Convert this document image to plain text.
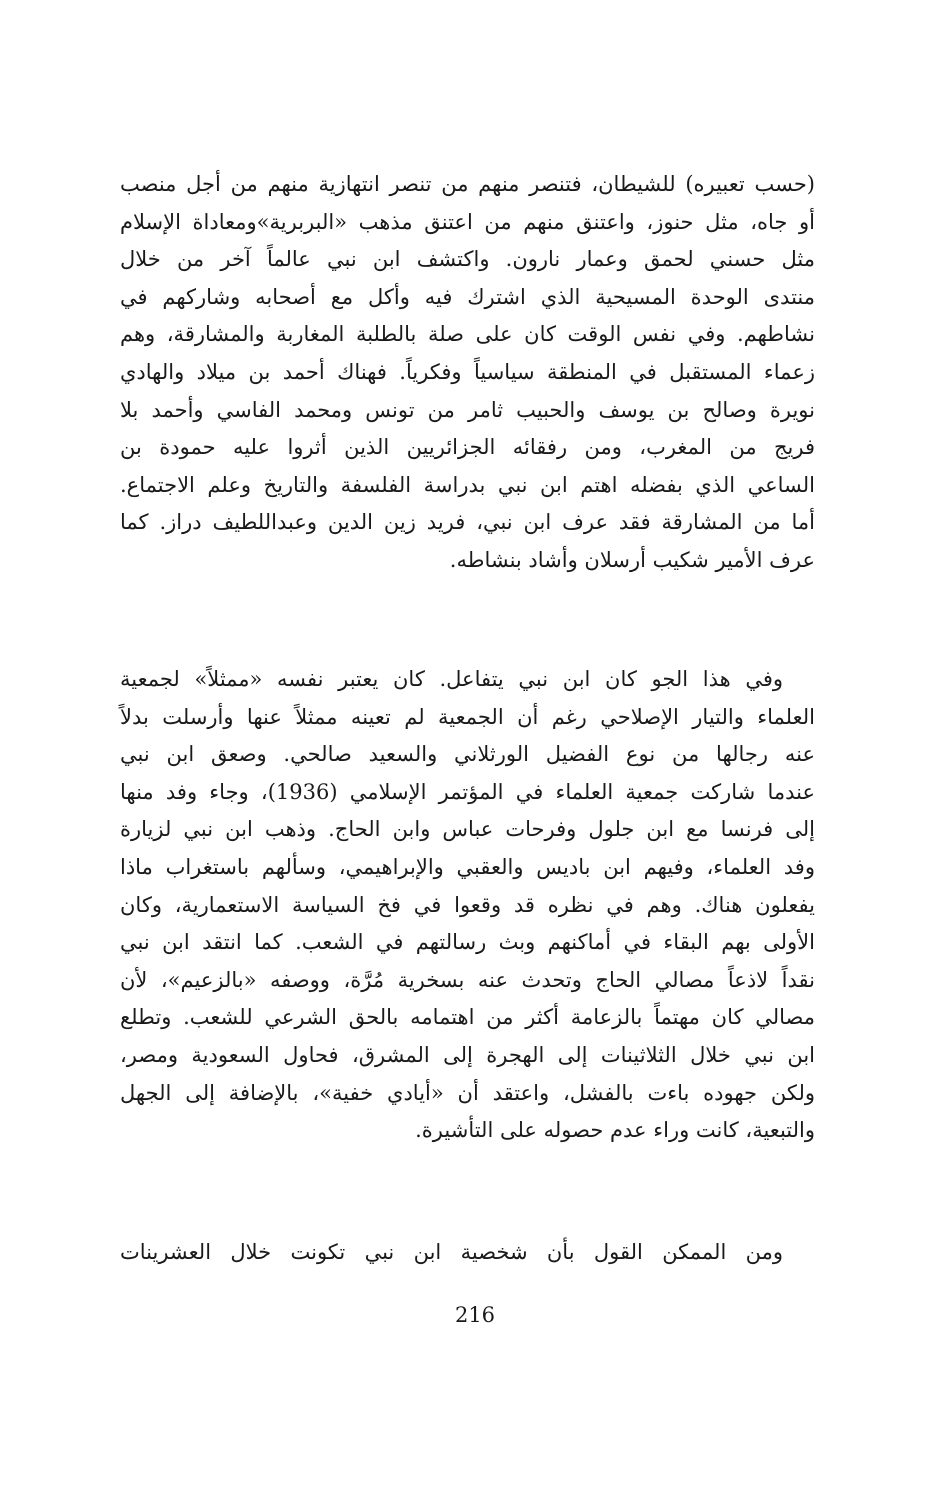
(حسب تعبيره) للشيطان، فتنصر منهم من تنصر انتهازية منهم من أجل منصب
أو جاه، مثل حنوز، واعتنق منهم من اعتنق مذهب «البربرية»ومعاداة الإسلام
مثل حسني لحمق وعمار نارون. واكتشف ابن نبي عالماً آخر من خلال
منتدى الوحدة المسيحية الذي اشترك فيه وأكل مع أصحابه وشاركهم في
نشاطهم. وفي نفس الوقت كان على صلة بالطلبة المغاربة والمشارقة، وهم
زعماء المستقبل في المنطقة سياسياً وفكرياً. فهناك أحمد بن ميلاد والهادي
نويرة وصالح بن يوسف والحبيب ثامر من تونس ومحمد الفاسي وأحمد بلا
فريج من المغرب، ومن رفقائه الجزائريين الذين أثروا عليه حمودة بن
الساعي الذي بفضله اهتم ابن نبي بدراسة الفلسفة والتاريخ وعلم الاجتماع.
أما من المشارقة فقد عرف ابن نبي، فريد زين الدين وعبداللطيف دراز. كما
عرف الأمير شكيب أرسلان وأشاد بنشاطه.
وفي هذا الجو كان ابن نبي يتفاعل. كان يعتبر نفسه «ممثلاً» لجمعية
العلماء والتيار الإصلاحي رغم أن الجمعية لم تعينه ممثلاً عنها وأرسلت بدلاً
عنه رجالها من نوع الفضيل الورثلاني والسعيد صالحي. وصعق ابن نبي
عندما شاركت جمعية العلماء في المؤتمر الإسلامي (1936)، وجاء وفد منها
إلى فرنسا مع ابن جلول وفرحات عباس وابن الحاج. وذهب ابن نبي لزيارة
وفد العلماء، وفيهم ابن باديس والعقبي والإبراهيمي، وسألهم باستغراب ماذا
يفعلون هناك. وهم في نظره قد وقعوا في فخ السياسة الاستعمارية، وكان
الأولى بهم البقاء في أماكنهم وبث رسالتهم في الشعب. كما انتقد ابن نبي
نقداً لاذعاً مصالي الحاج وتحدث عنه بسخرية مُرَّة، ووصفه «بالزعيم»، لأن
مصالي كان مهتماً بالزعامة أكثر من اهتمامه بالحق الشرعي للشعب. وتطلع
ابن نبي خلال الثلاثينات إلى الهجرة إلى المشرق، فحاول السعودية ومصر،
ولكن جهوده باءت بالفشل، واعتقد أن «أيادي خفية»، بالإضافة إلى الجهل
والتبعية، كانت وراء عدم حصوله على التأشيرة.
ومن الممكن القول بأن شخصية ابن نبي تكونت خلال العشرينات
216
